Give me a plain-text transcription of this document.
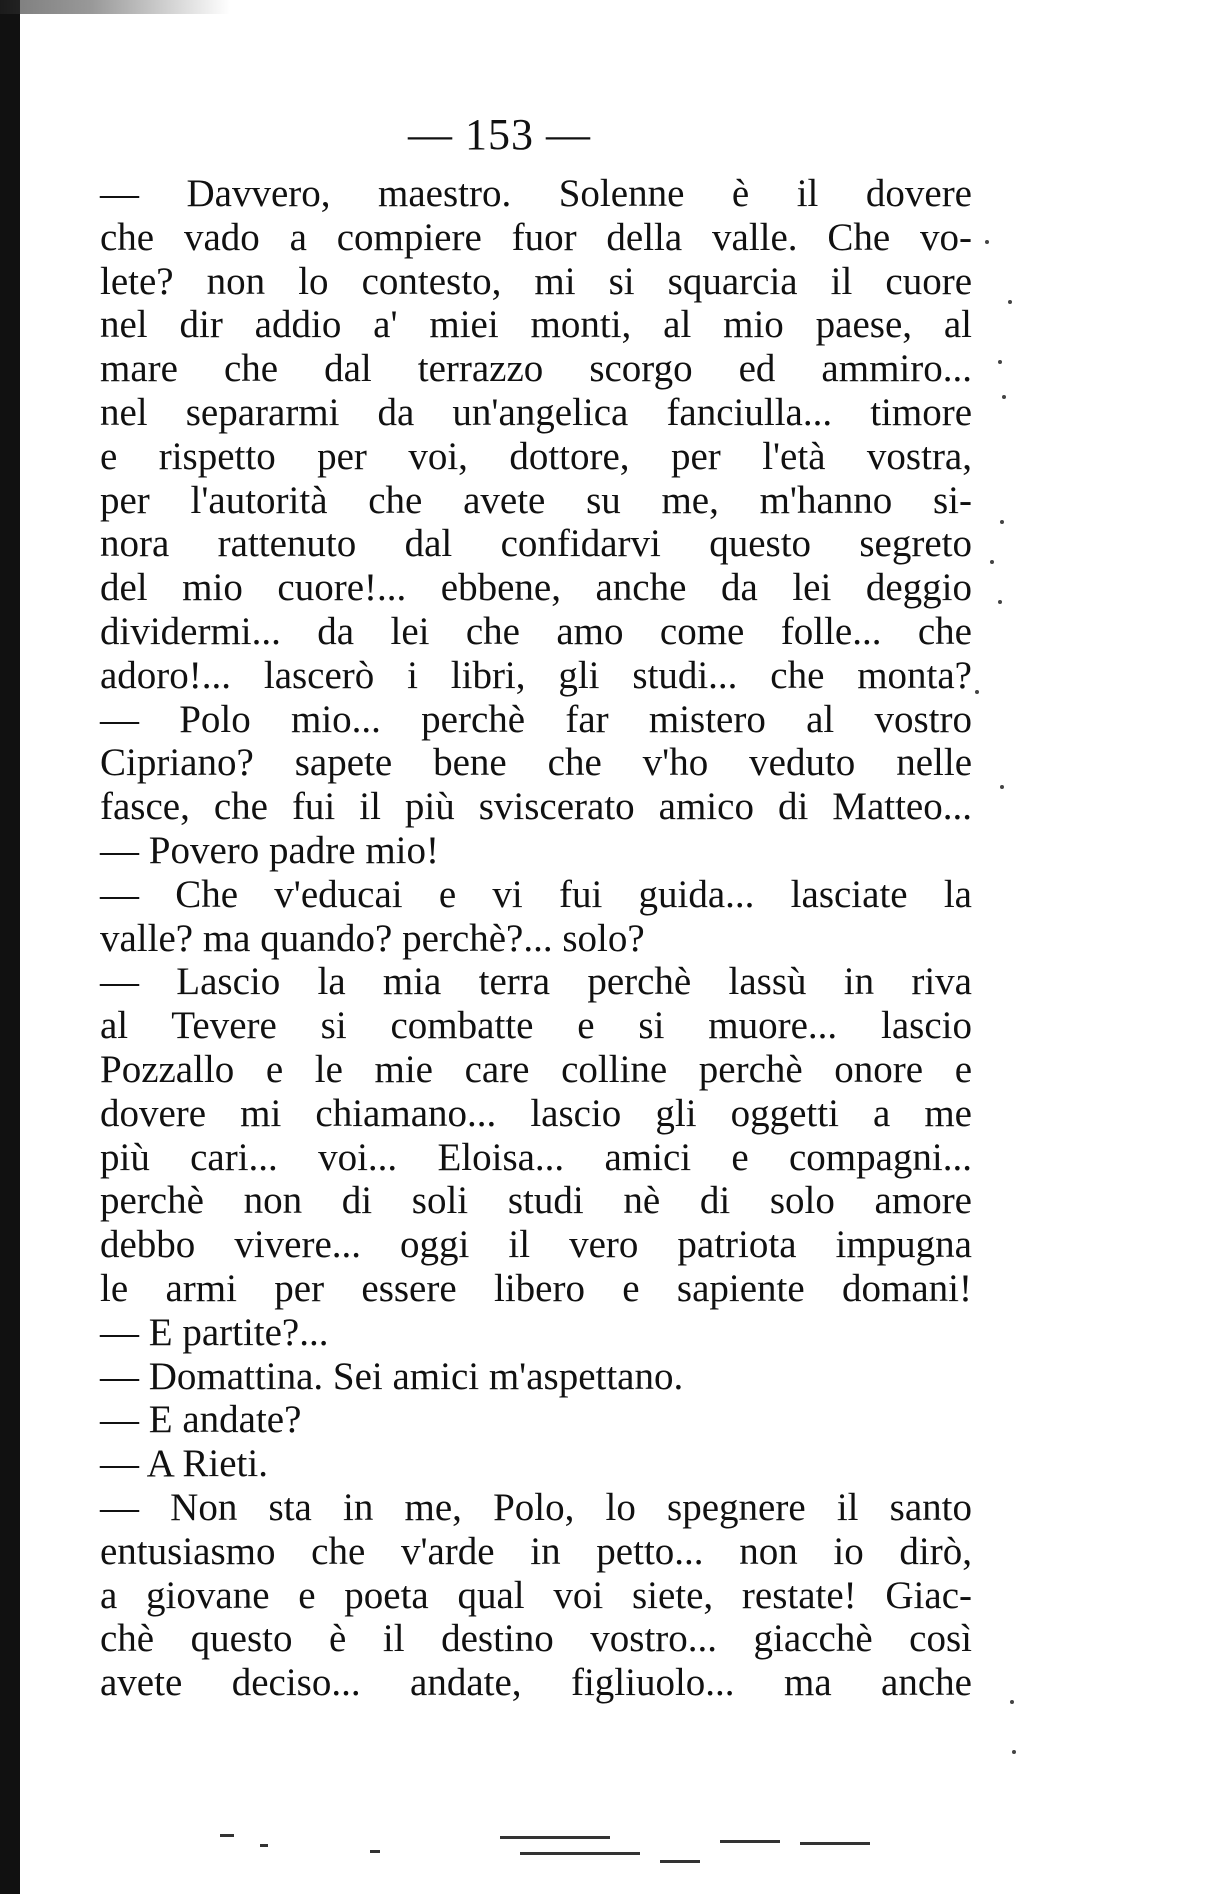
— 153 —
— Davvero, maestro. Solenne è il dovere
che vado a compiere fuor della valle. Che vo-
lete? non lo contesto, mi si squarcia il cuore
nel dir addio a' miei monti, al mio paese, al
mare che dal terrazzo scorgo ed ammiro...
nel separarmi da un'angelica fanciulla... timore
e rispetto per voi, dottore, per l'età vostra,
per l'autorità che avete su me, m'hanno si-
nora rattenuto dal confidarvi questo segreto
del mio cuore!... ebbene, anche da lei deggio
dividermi... da lei che amo come folle... che
adoro!... lascerò i libri, gli studi... che monta?
— Polo mio... perchè far mistero al vostro
Cipriano? sapete bene che v'ho veduto nelle
fasce, che fui il più sviscerato amico di Matteo...
— Povero padre mio!
— Che v'educai e vi fui guida... lasciate la
valle? ma quando? perchè?... solo?
— Lascio la mia terra perchè lassù in riva
al Tevere si combatte e si muore... lascio
Pozzallo e le mie care colline perchè onore e
dovere mi chiamano... lascio gli oggetti a me
più cari... voi... Eloisa... amici e compagni...
perchè non di soli studi nè di solo amore
debbo vivere... oggi il vero patriota impugna
le armi per essere libero e sapiente domani!
— E partite?...
— Domattina. Sei amici m'aspettano.
— E andate?
— A Rieti.
— Non sta in me, Polo, lo spegnere il santo
entusiasmo che v'arde in petto... non io dirò,
a giovane e poeta qual voi siete, restate! Giac-
chè questo è il destino vostro... giacchè così
avete deciso... andate, figliuolo... ma anche
